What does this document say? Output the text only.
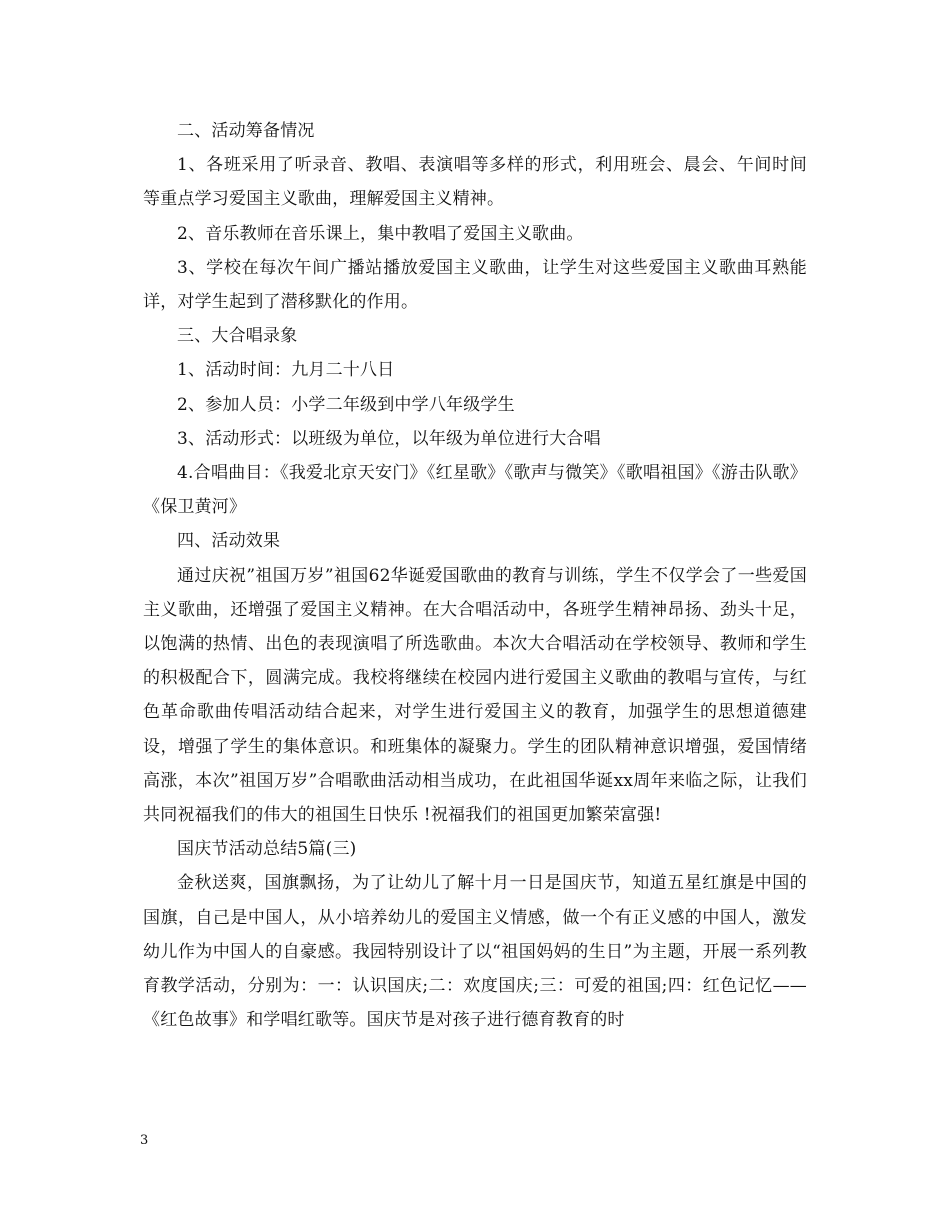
二、活动筹备情况

1、各班采用了听录音、教唱、表演唱等多样的形式，利用班会、晨会、午间时间等重点学习爱国主义歌曲，理解爱国主义精神。

2、音乐教师在音乐课上，集中教唱了爱国主义歌曲。

3、学校在每次午间广播站播放爱国主义歌曲，让学生对这些爱国主义歌曲耳熟能详，对学生起到了潜移默化的作用。

三、大合唱录象

1、活动时间：九月二十八日

2、参加人员：小学二年级到中学八年级学生

3、活动形式：以班级为单位，以年级为单位进行大合唱

4.合唱曲目：《我爱北京天安门》《红星歌》《歌声与微笑》《歌唱祖国》《游击队歌》《保卫黄河》

四、活动效果

通过庆祝”祖国万岁”祖国62华诞爱国歌曲的教育与训练，学生不仅学会了一些爱国主义歌曲，还增强了爱国主义精神。在大合唱活动中，各班学生精神昂扬、劲头十足，以饱满的热情、出色的表现演唱了所选歌曲。本次大合唱活动在学校领导、教师和学生的积极配合下，圆满完成。我校将继续在校园内进行爱国主义歌曲的教唱与宣传，与红色革命歌曲传唱活动结合起来，对学生进行爱国主义的教育，加强学生的思想道德建设，增强了学生的集体意识。和班集体的凝聚力。学生的团队精神意识增强，爱国情绪高涨，本次”祖国万岁”合唱歌曲活动相当成功，在此祖国华诞xx周年来临之际，让我们共同祝福我们的伟大的祖国生日快乐 !祝福我们的祖国更加繁荣富强!

国庆节活动总结5篇(三)

金秋送爽，国旗飘扬，为了让幼儿了解十月一日是国庆节，知道五星红旗是中国的国旗，自己是中国人，从小培养幼儿的爱国主义情感，做一个有正义感的中国人，激发幼儿作为中国人的自豪感。我园特别设计了以“祖国妈妈的生日”为主题，开展一系列教育教学活动，分别为：一：认识国庆;二：欢度国庆;三：可爱的祖国;四：红色记忆——《红色故事》和学唱红歌等。国庆节是对孩子进行德育教育的时

3
